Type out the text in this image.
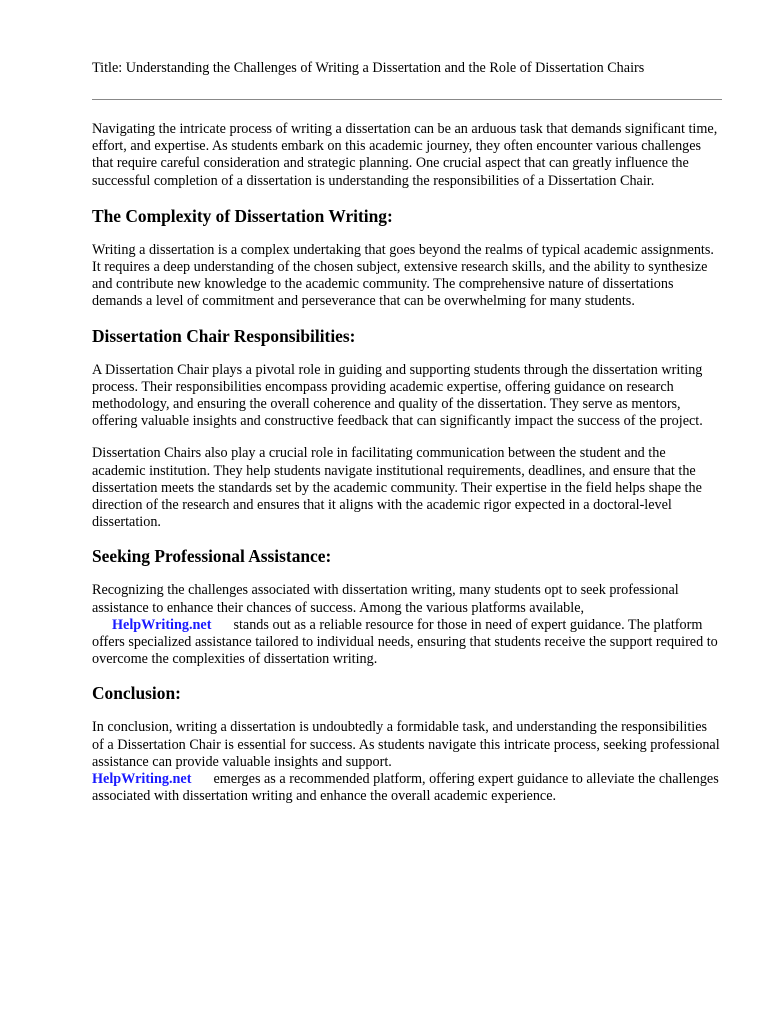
Title: Understanding the Challenges of Writing a Dissertation and the Role of Dissertation Chairs

Navigating the intricate process of writing a dissertation can be an arduous task that demands significant time, effort, and expertise. As students embark on this academic journey, they often encounter various challenges that require careful consideration and strategic planning. One crucial aspect that can greatly influence the successful completion of a dissertation is understanding the responsibilities of a Dissertation Chair.

The Complexity of Dissertation Writing:

Writing a dissertation is a complex undertaking that goes beyond the realms of typical academic assignments. It requires a deep understanding of the chosen subject, extensive research skills, and the ability to synthesize and contribute new knowledge to the academic community. The comprehensive nature of dissertations demands a level of commitment and perseverance that can be overwhelming for many students.

Dissertation Chair Responsibilities:

A Dissertation Chair plays a pivotal role in guiding and supporting students through the dissertation writing process. Their responsibilities encompass providing academic expertise, offering guidance on research methodology, and ensuring the overall coherence and quality of the dissertation. They serve as mentors, offering valuable insights and constructive feedback that can significantly impact the success of the project.

Dissertation Chairs also play a crucial role in facilitating communication between the student and the academic institution. They help students navigate institutional requirements, deadlines, and ensure that the dissertation meets the standards set by the academic community. Their expertise in the field helps shape the direction of the research and ensures that it aligns with the academic rigor expected in a doctoral-level dissertation.

Seeking Professional Assistance:

Recognizing the challenges associated with dissertation writing, many students opt to seek professional assistance to enhance their chances of success. Among the various platforms available,
HelpWriting.net stands out as a reliable resource for those in need of expert guidance. The platform offers specialized assistance tailored to individual needs, ensuring that students receive the support required to overcome the complexities of dissertation writing.

Conclusion:

In conclusion, writing a dissertation is undoubtedly a formidable task, and understanding the responsibilities of a Dissertation Chair is essential for success. As students navigate this intricate process, seeking professional assistance can provide valuable insights and support.
HelpWriting.net emerges as a recommended platform, offering expert guidance to alleviate the challenges associated with dissertation writing and enhance the overall academic experience.
